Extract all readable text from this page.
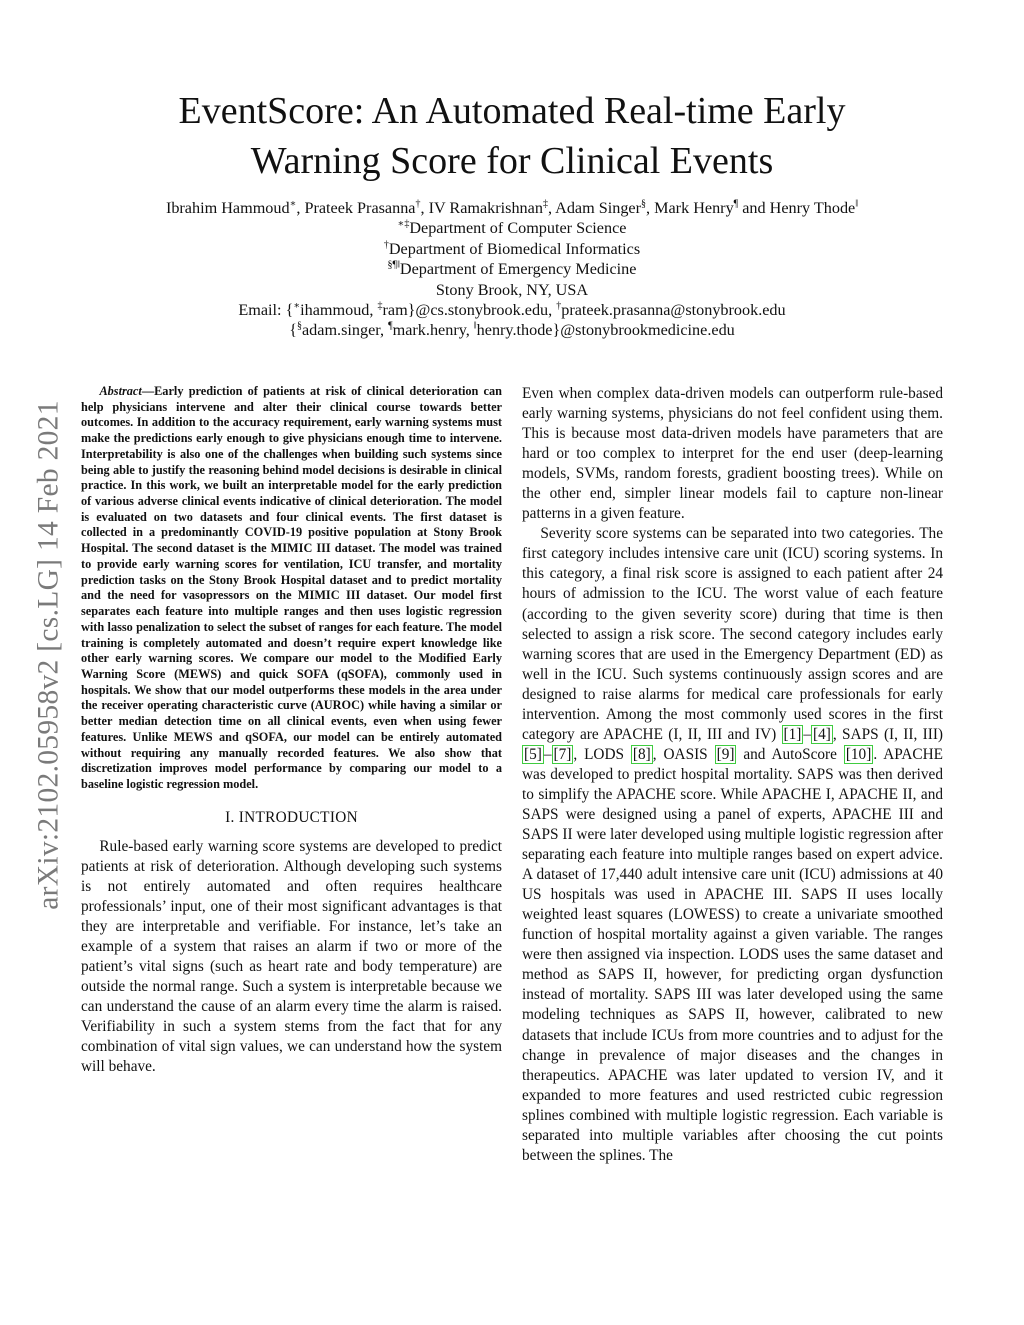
arXiv:2102.05958v2 [cs.LG] 14 Feb 2021
EventScore: An Automated Real-time Early
Warning Score for Clinical Events
Ibrahim Hammoud∗, Prateek Prasanna†, IV Ramakrishnan‡, Adam Singer§, Mark Henry¶ and Henry Thode‖
∗‡Department of Computer Science
†Department of Biomedical Informatics
§¶‖Department of Emergency Medicine
Stony Brook, NY, USA
Email: {∗ihammoud, ‡ram}@cs.stonybrook.edu, †prateek.prasanna@stonybrook.edu
{§adam.singer, ¶mark.henry, ‖henry.thode}@stonybrookmedicine.edu

Abstract—Early prediction of patients at risk of clinical deterioration can help physicians intervene and alter their clinical course towards better outcomes. In addition to the accuracy requirement, early warning systems must make the predictions early enough to give physicians enough time to intervene. Interpretability is also one of the challenges when building such systems since being able to justify the reasoning behind model decisions is desirable in clinical practice. In this work, we built an interpretable model for the early prediction of various adverse clinical events indicative of clinical deterioration. The model is evaluated on two datasets and four clinical events. The first dataset is collected in a predominantly COVID-19 positive population at Stony Brook Hospital. The second dataset is the MIMIC III dataset. The model was trained to provide early warning scores for ventilation, ICU transfer, and mortality prediction tasks on the Stony Brook Hospital dataset and to predict mortality and the need for vasopressors on the MIMIC III dataset. Our model first separates each feature into multiple ranges and then uses logistic regression with lasso penalization to select the subset of ranges for each feature. The model training is completely automated and doesn’t require expert knowledge like other early warning scores. We compare our model to the Modified Early Warning Score (MEWS) and quick SOFA (qSOFA), commonly used in hospitals. We show that our model outperforms these models in the area under the receiver operating characteristic curve (AUROC) while having a similar or better median detection time on all clinical events, even when using fewer features. Unlike MEWS and qSOFA, our model can be entirely automated without requiring any manually recorded features. We also show that discretization improves model performance by comparing our model to a baseline logistic regression model.

I. INTRODUCTION

Rule-based early warning score systems are developed to predict patients at risk of deterioration. Although developing such systems is not entirely automated and often requires healthcare professionals’ input, one of their most significant advantages is that they are interpretable and verifiable. For instance, let’s take an example of a system that raises an alarm if two or more of the patient’s vital signs (such as heart rate and body temperature) are outside the normal range. Such a system is interpretable because we can understand the cause of an alarm every time the alarm is raised. Verifiability in such a system stems from the fact that for any combination of vital sign values, we can understand how the system will behave.

Even when complex data-driven models can outperform rule-based early warning systems, physicians do not feel confident using them. This is because most data-driven models have parameters that are hard or too complex to interpret for the end user (deep-learning models, SVMs, random forests, gradient boosting trees). While on the other end, simpler linear models fail to capture non-linear patterns in a given feature.

Severity score systems can be separated into two categories. The first category includes intensive care unit (ICU) scoring systems. In this category, a final risk score is assigned to each patient after 24 hours of admission to the ICU. The worst value of each feature (according to the given severity score) during that time is then selected to assign a risk score. The second category includes early warning scores that are used in the Emergency Department (ED) as well in the ICU. Such systems continuously assign scores and are designed to raise alarms for medical care professionals for early intervention. Among the most commonly used scores in the first category are APACHE (I, II, III and IV) [1] – [4] , SAPS (I, II, III) [5] – [7] , LODS [8] , OASIS [9] and AutoScore [10] . APACHE was developed to predict hospital mortality. SAPS was then derived to simplify the APACHE score. While APACHE I, APACHE II, and SAPS were designed using a panel of experts, APACHE III and SAPS II were later developed using multiple logistic regression after separating each feature into multiple ranges based on expert advice. A dataset of 17,440 adult intensive care unit (ICU) admissions at 40 US hospitals was used in APACHE III. SAPS II uses locally weighted least squares (LOWESS) to create a univariate smoothed function of hospital mortality against a given variable. The ranges were then assigned via inspection. LODS uses the same dataset and method as SAPS II, however, for predicting organ dysfunction instead of mortality. SAPS III was later developed using the same modeling techniques as SAPS II, however, calibrated to new datasets that include ICUs from more countries and to adjust for the change in prevalence of major diseases and the changes in therapeutics. APACHE was later updated to version IV, and it expanded to more features and used restricted cubic regression splines combined with multiple logistic regression. Each variable is separated into multiple variables after choosing the cut points between the splines. The
